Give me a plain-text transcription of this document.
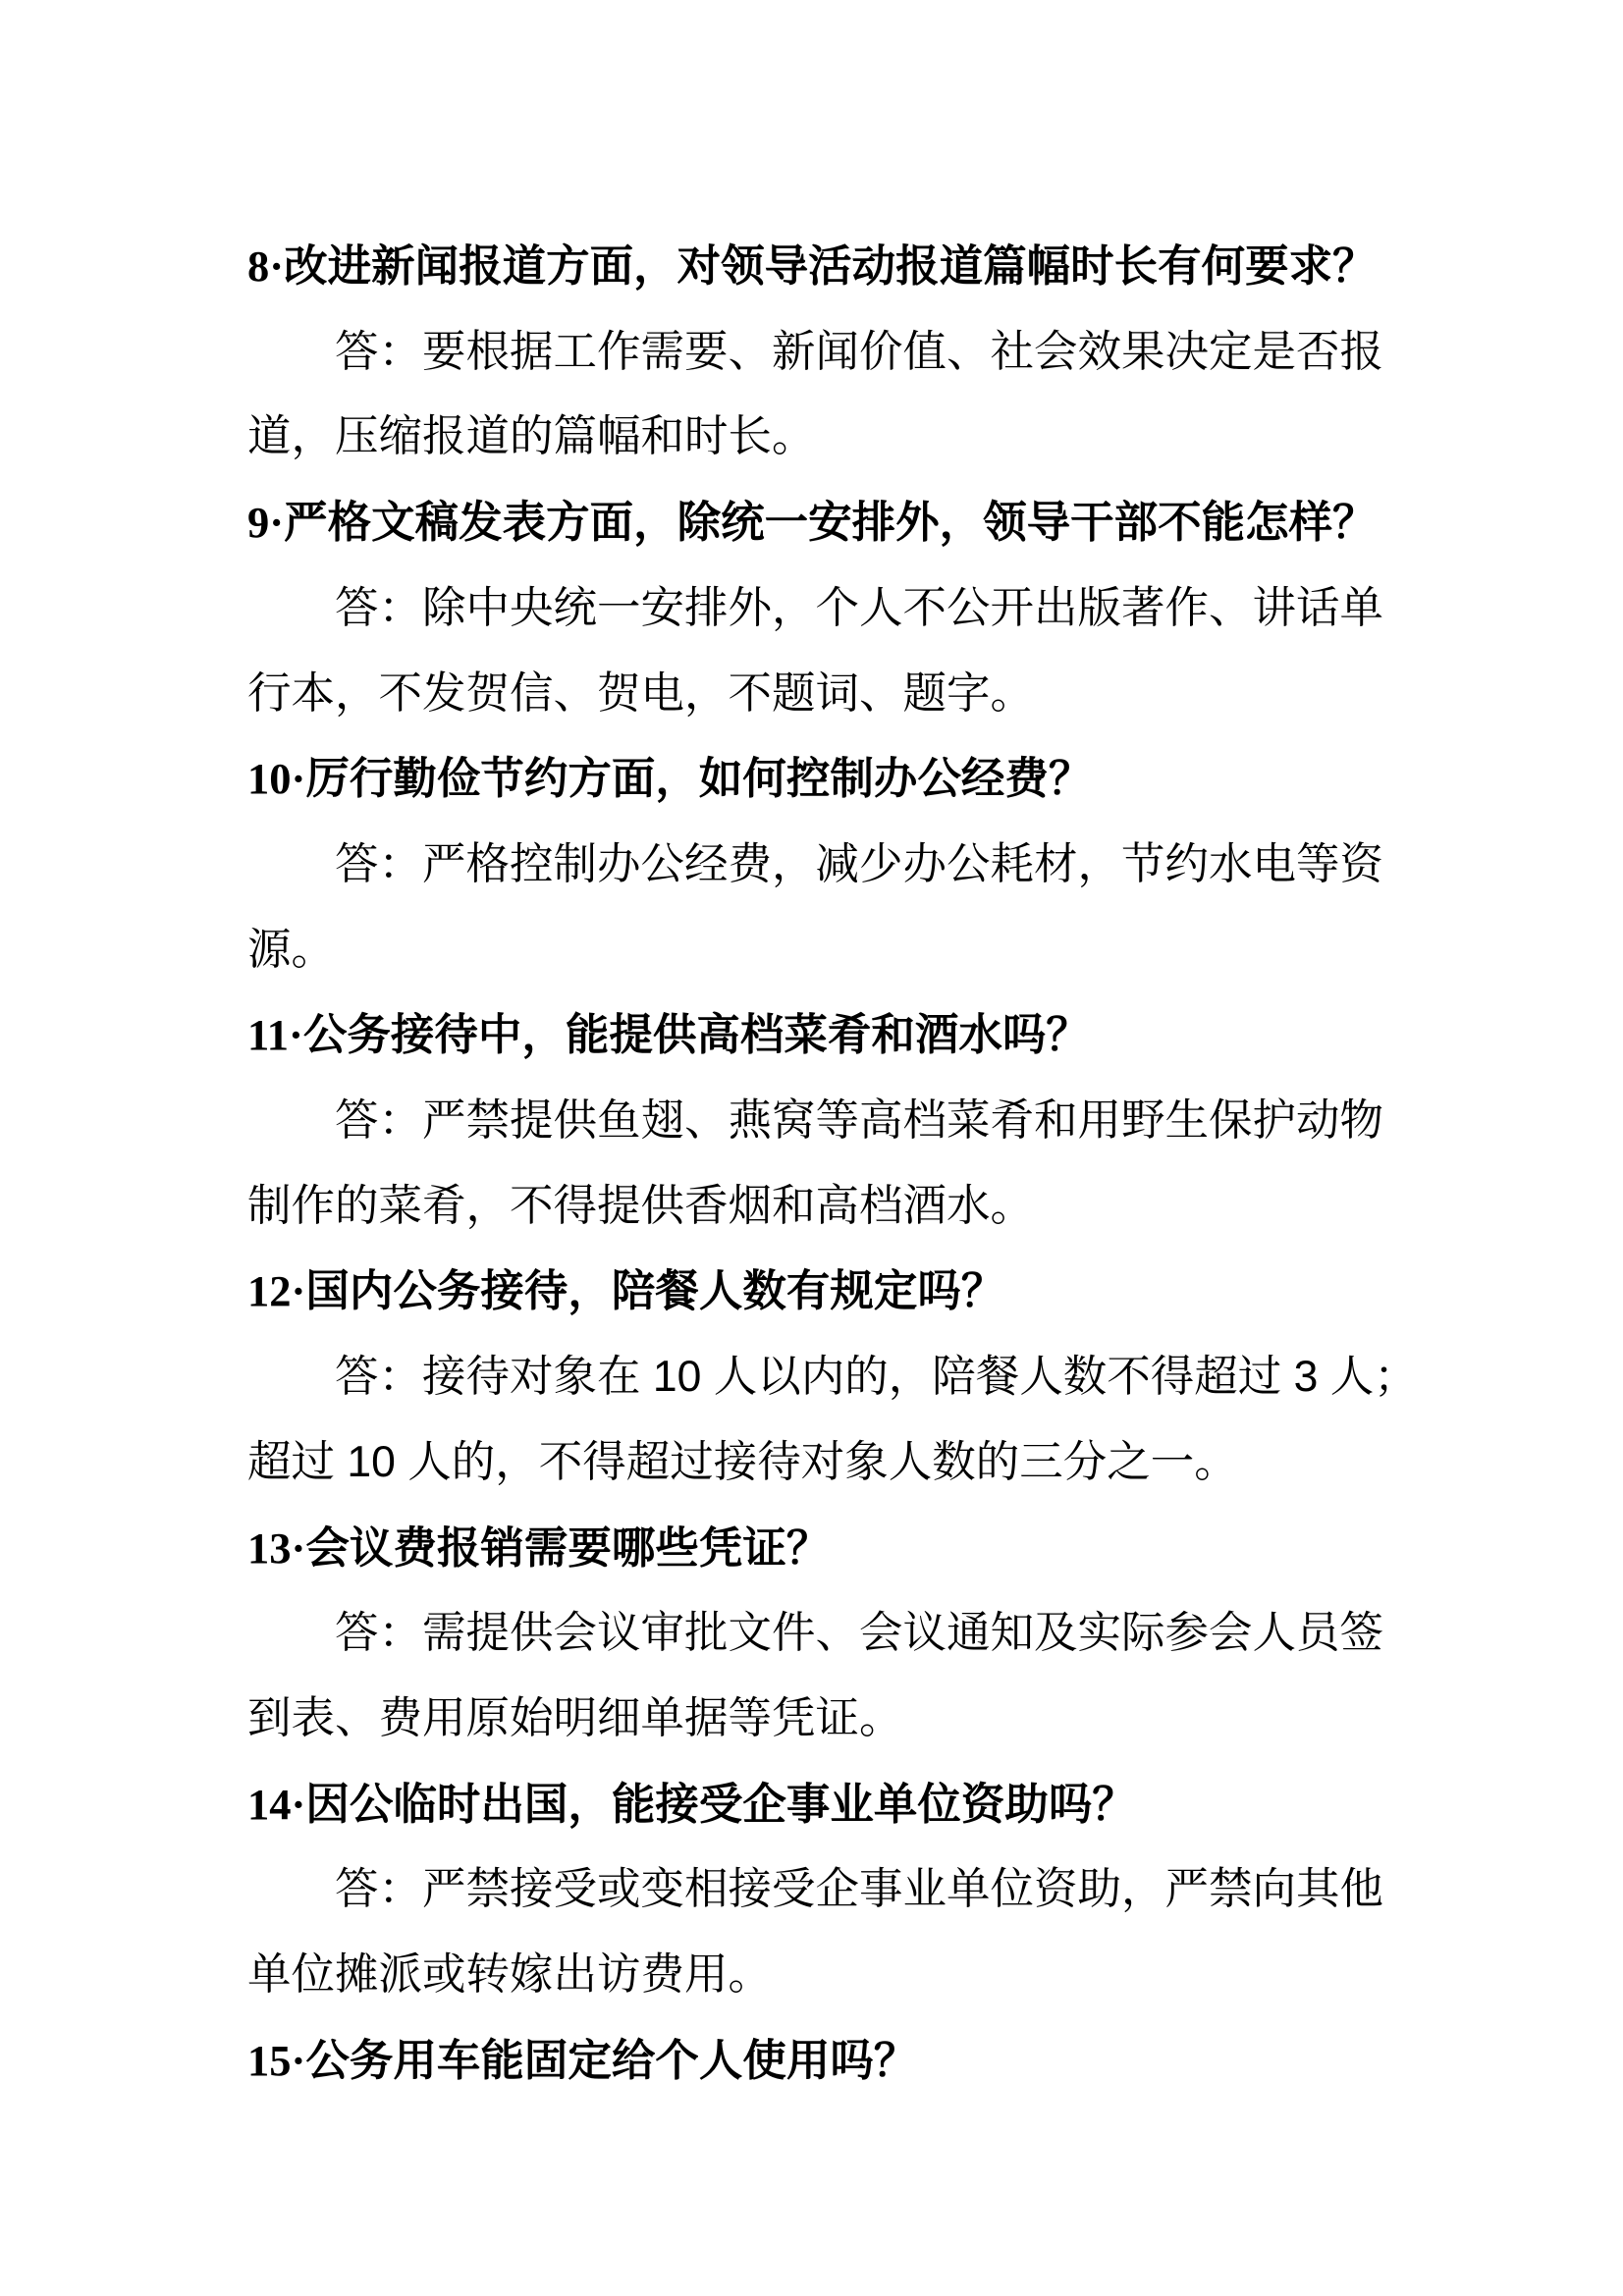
8·改进新闻报道方面，对领导活动报道篇幅时长有何要求？
答：要根据工作需要、新闻价值、社会效果决定是否报
道，压缩报道的篇幅和时长。
9·严格文稿发表方面，除统一安排外，领导干部不能怎样？
答：除中央统一安排外，个人不公开出版著作、讲话单
行本，不发贺信、贺电，不题词、题字。
10·厉行勤俭节约方面，如何控制办公经费？
答：严格控制办公经费，减少办公耗材，节约水电等资
源。
11·公务接待中，能提供高档菜肴和酒水吗？
答：严禁提供鱼翅、燕窝等高档菜肴和用野生保护动物
制作的菜肴，不得提供香烟和高档酒水。
12·国内公务接待，陪餐人数有规定吗？
答：接待对象在 10 人以内的，陪餐人数不得超过 3 人；
超过 10 人的，不得超过接待对象人数的三分之一。
13·会议费报销需要哪些凭证？
答：需提供会议审批文件、会议通知及实际参会人员签
到表、费用原始明细单据等凭证。
14·因公临时出国，能接受企事业单位资助吗？
答：严禁接受或变相接受企事业单位资助，严禁向其他
单位摊派或转嫁出访费用。
15·公务用车能固定给个人使用吗？
